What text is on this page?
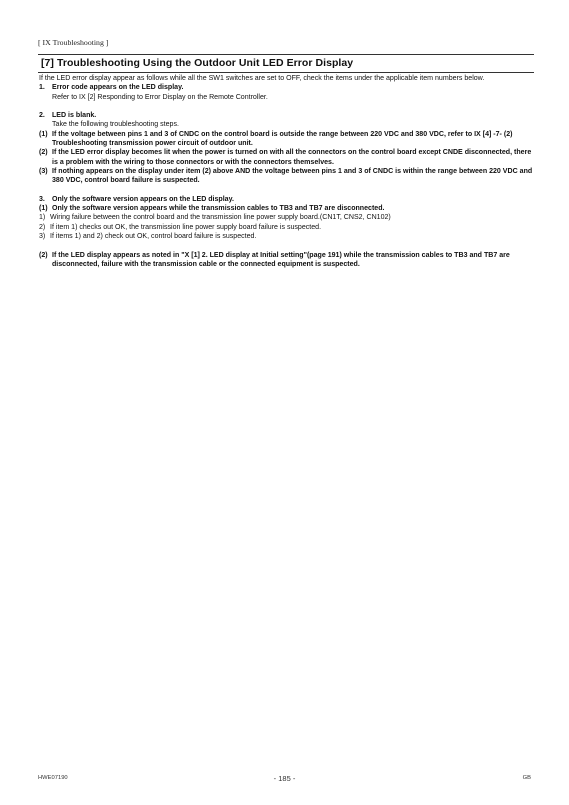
[ IX Troubleshooting ]
[7] Troubleshooting Using the Outdoor Unit LED Error Display

If the LED error display appear as follows while all the SW1 switches are set to OFF, check the items under the applicable item numbers below.

1.	Error code appears on the LED display.

Refer to IX [2] Responding to Error Display on the Remote Controller.

2.	LED is blank.

Take the following troubleshooting steps.

(1) If the voltage between pins 1 and 3 of CNDC on the control board is outside the range between 220 VDC and 380 VDC, refer to IX [4] -7- (2) Troubleshooting transmission power circuit of outdoor unit.
(2) If the LED error display becomes lit when the power is turned on with all the connectors on the control board except CNDE disconnected, there is a problem with the wiring to those connectors or with the connectors themselves.
(3) If nothing appears on the display under item (2) above AND the voltage between pins 1 and 3 of CNDC is within the range between 220 VDC and 380 VDC, control board failure is suspected.
3.	Only the software version appears on the LED display.
(1) Only the software version appears while the transmission cables to TB3 and TB7 are disconnected.
1) Wiring failure between the control board and the transmission line power supply board.(CN1T, CNS2, CN102)
2) If item 1) checks out OK, the transmission line power supply board failure is suspected.
3) If items 1) and 2) check out OK, control board failure is suspected.
(2) If the LED display appears as noted in "X [1] 2. LED display at Initial setting"(page 191) while the transmission cables to TB3 and TB7 are disconnected, failure with the transmission cable or the connected equipment is suspected.
HWE07190	- 185 -	GB
